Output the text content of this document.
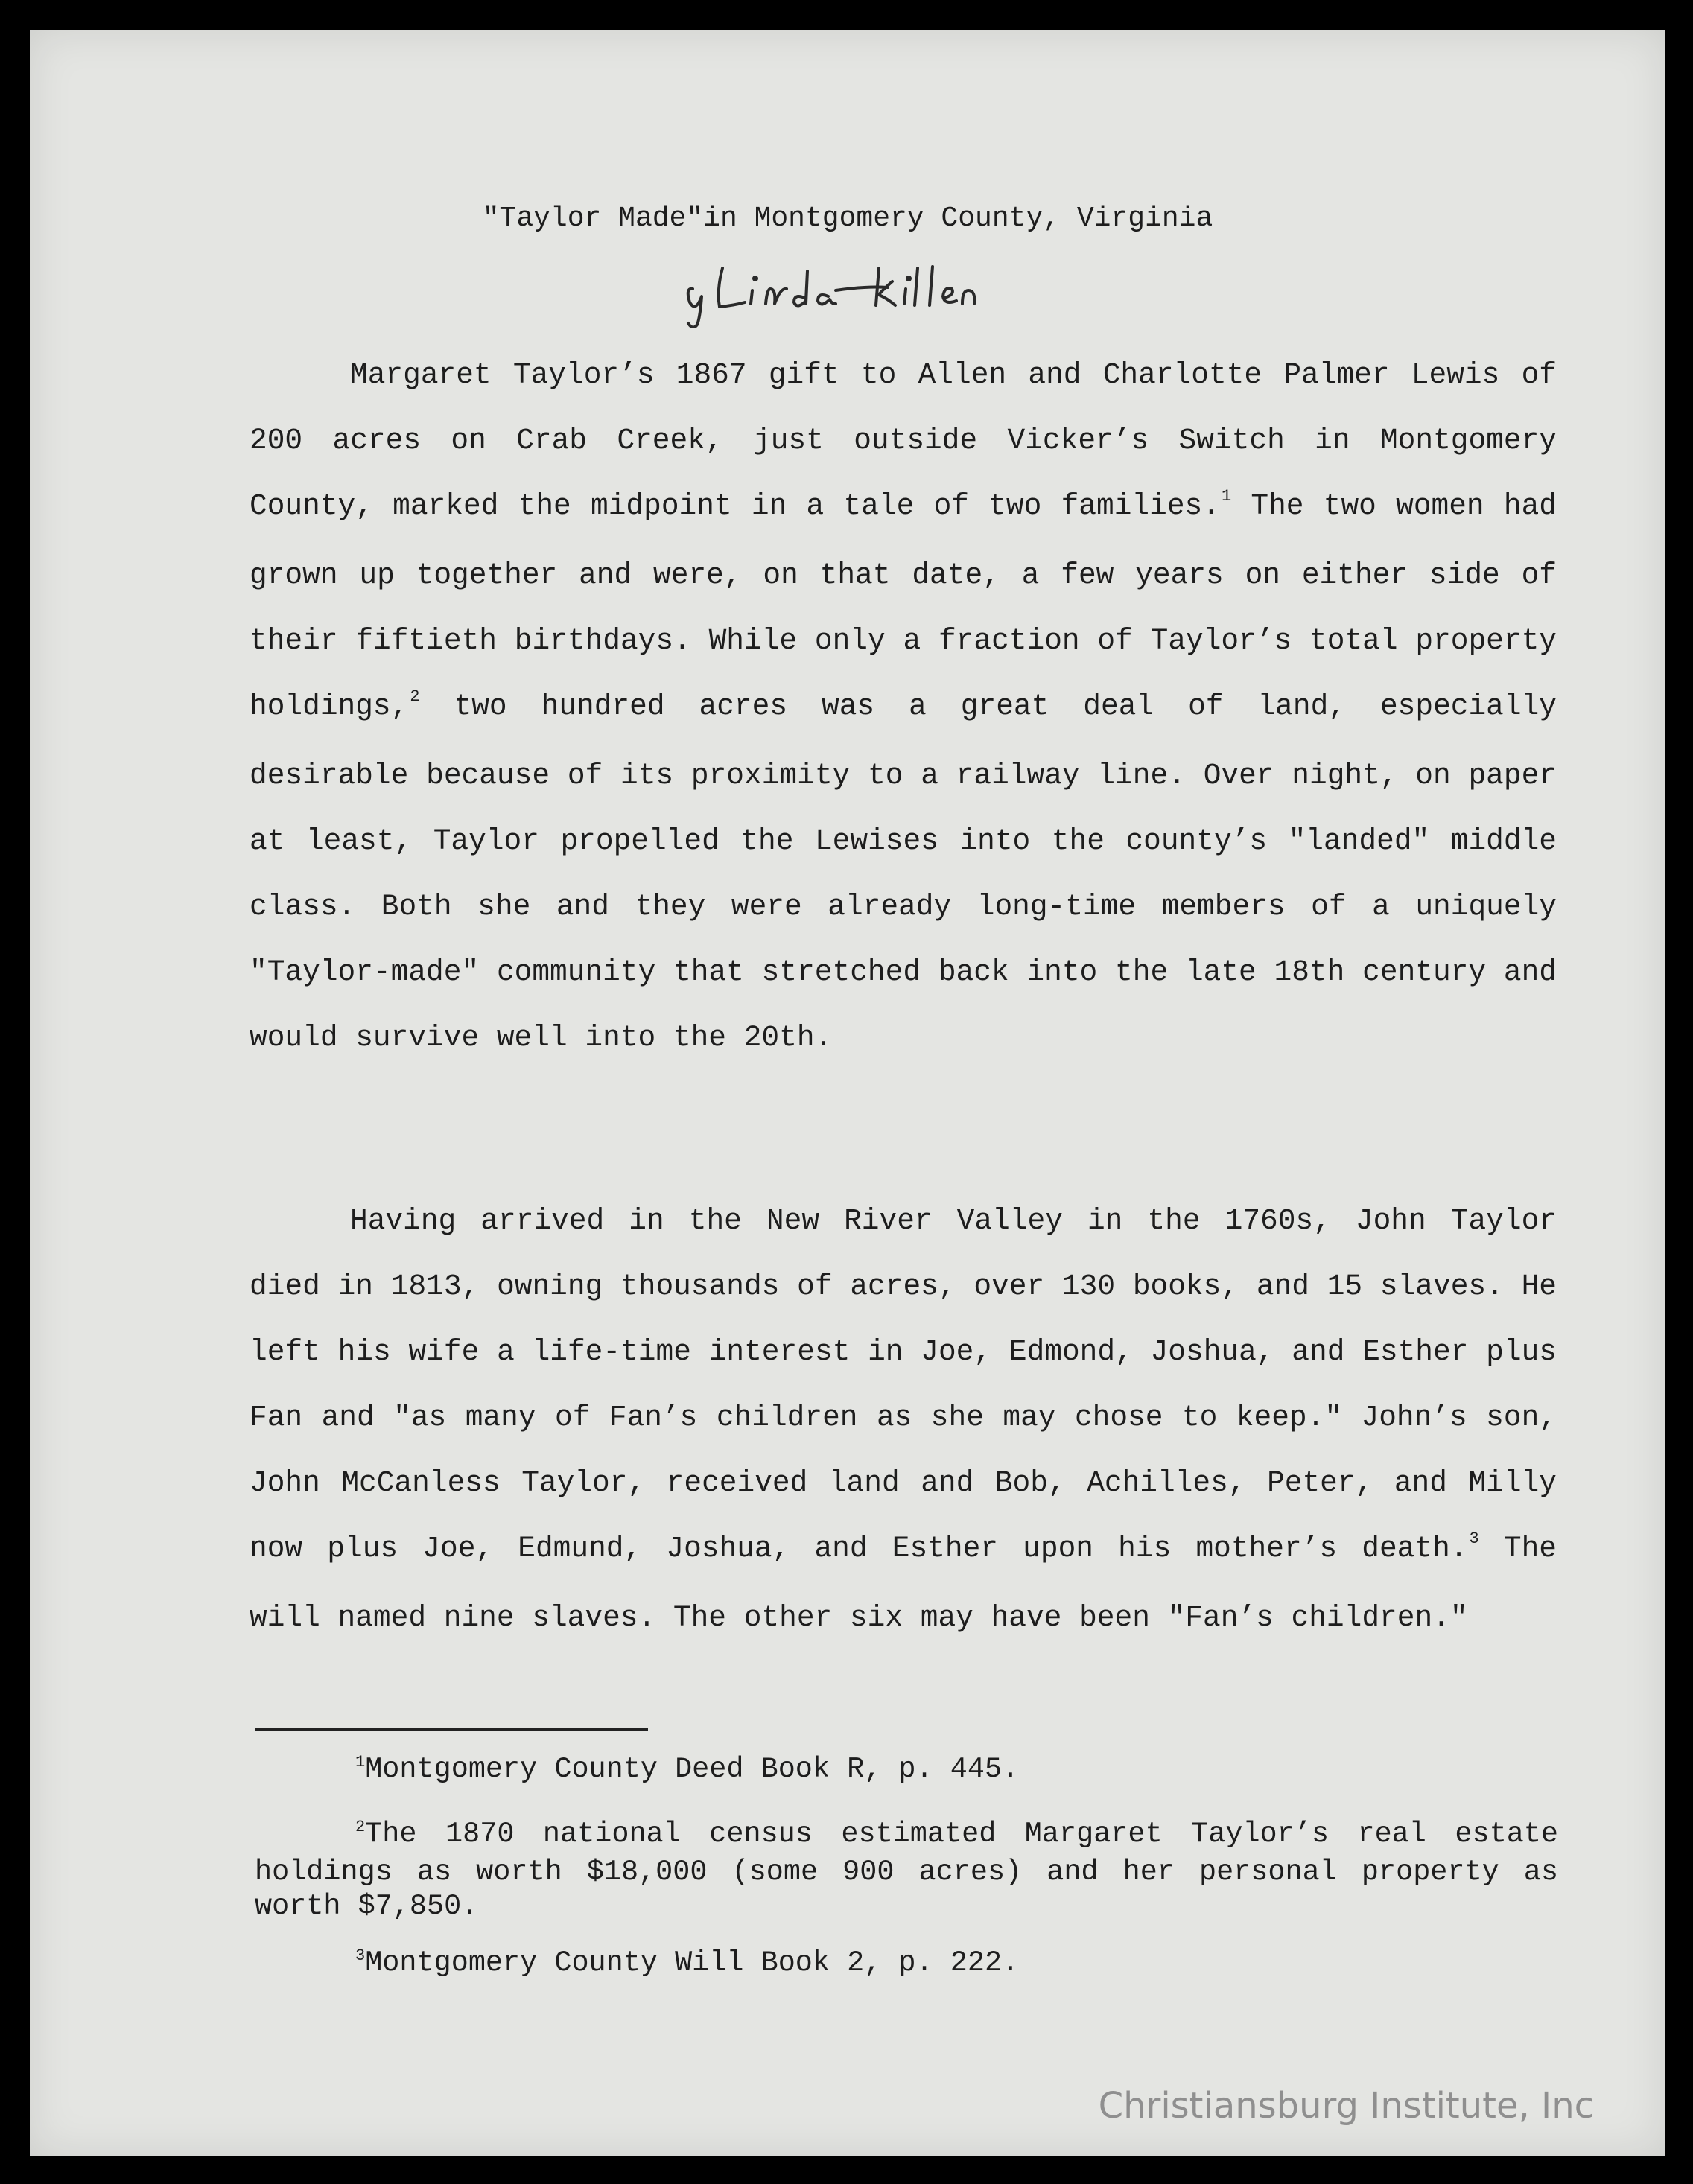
"Taylor Made"in Montgomery County, Virginia

Margaret Taylor’s 1867 gift to Allen and Charlotte Palmer Lewis of 200 acres on Crab Creek, just outside Vicker’s Switch in Montgomery County, marked the midpoint in a tale of two families.$^1$ The two women had grown up together and were, on that date, a few years on either side of their fiftieth birthdays. While only a fraction of Taylor’s total property holdings,$^2$ two hundred acres was a great deal of land, especially desirable because of its proximity to a railway line. Over night, on paper at least, Taylor propelled the Lewises into the county’s "landed" middle class. Both she and they were already long-time members of a uniquely "Taylor-made" community that stretched back into the late 18th century and would survive well into the 20th.

Having arrived in the New River Valley in the 1760s, John Taylor died in 1813, owning thousands of acres, over 130 books, and 15 slaves. He left his wife a life-time interest in Joe, Edmond, Joshua, and Esther plus Fan and "as many of Fan’s children as she may chose to keep." John’s son, John McCanless Taylor, received land and Bob, Achilles, Peter, and Milly now plus Joe, Edmund, Joshua, and Esther upon his mother’s death.$^3$ The will named nine slaves. The other six may have been "Fan’s children."

$^1$Montgomery County Deed Book R, p. 445.

$^2$The 1870 national census estimated Margaret Taylor’s real estate holdings as worth $18,000 (some 900 acres) and her personal property as worth $7,850.

$^3$Montgomery County Will Book 2, p. 222.

Christiansburg Institute, Inc
